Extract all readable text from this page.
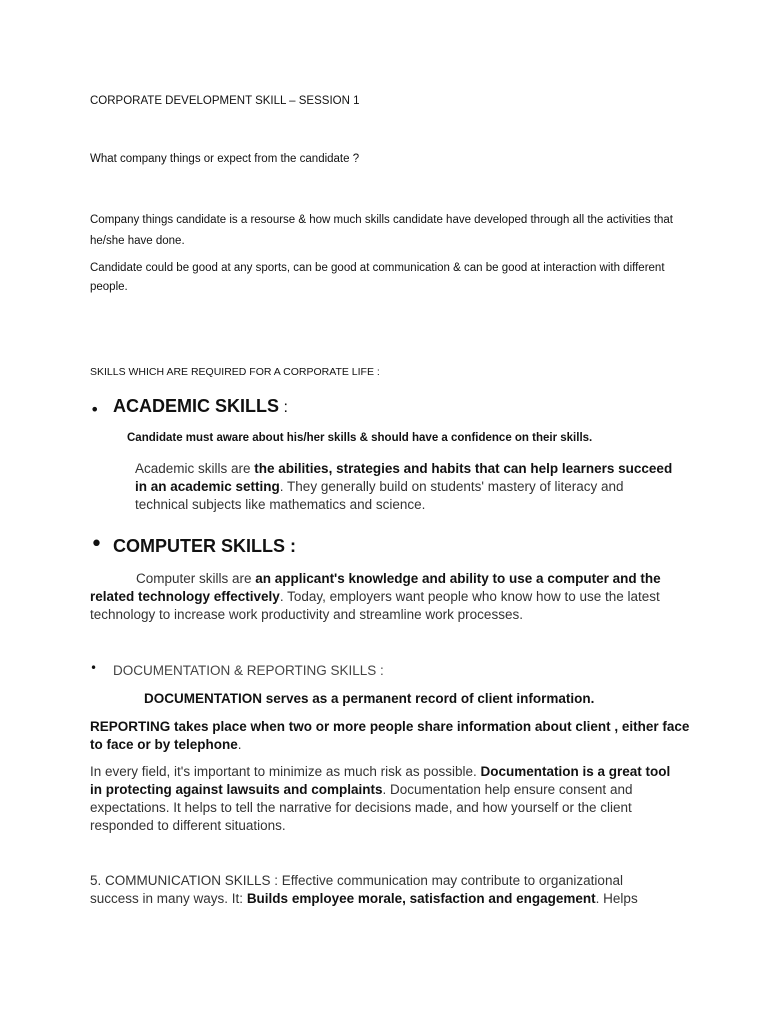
CORPORATE DEVELOPMENT SKILL – SESSION 1

What company things or expect from the candidate ?

Company things candidate is a resourse & how much skills candidate have developed through all the activities that he/she have done.

Candidate could be good at any sports, can be good at communication & can be good at interaction with different people.

SKILLS WHICH ARE REQUIRED FOR A CORPORATE LIFE :

• ACADEMIC SKILLS :

Candidate must aware about his/her skills & should have a confidence on their skills.

Academic skills are the abilities, strategies and habits that can help learners succeed in an academic setting. They generally build on students' mastery of literacy and technical subjects like mathematics and science.

• COMPUTER SKILLS :

Computer skills are an applicant's knowledge and ability to use a computer and the related technology effectively. Today, employers want people who know how to use the latest technology to increase work productivity and streamline work processes.

• DOCUMENTATION & REPORTING SKILLS :

DOCUMENTATION serves as a permanent record of client information.

REPORTING takes place when two or more people share information about client , either face to face or by telephone.

In every field, it's important to minimize as much risk as possible. Documentation is a great tool in protecting against lawsuits and complaints. Documentation help ensure consent and expectations. It helps to tell the narrative for decisions made, and how yourself or the client responded to different situations.

5. COMMUNICATION SKILLS : Effective communication may contribute to organizational success in many ways. It: Builds employee morale, satisfaction and engagement. Helps
